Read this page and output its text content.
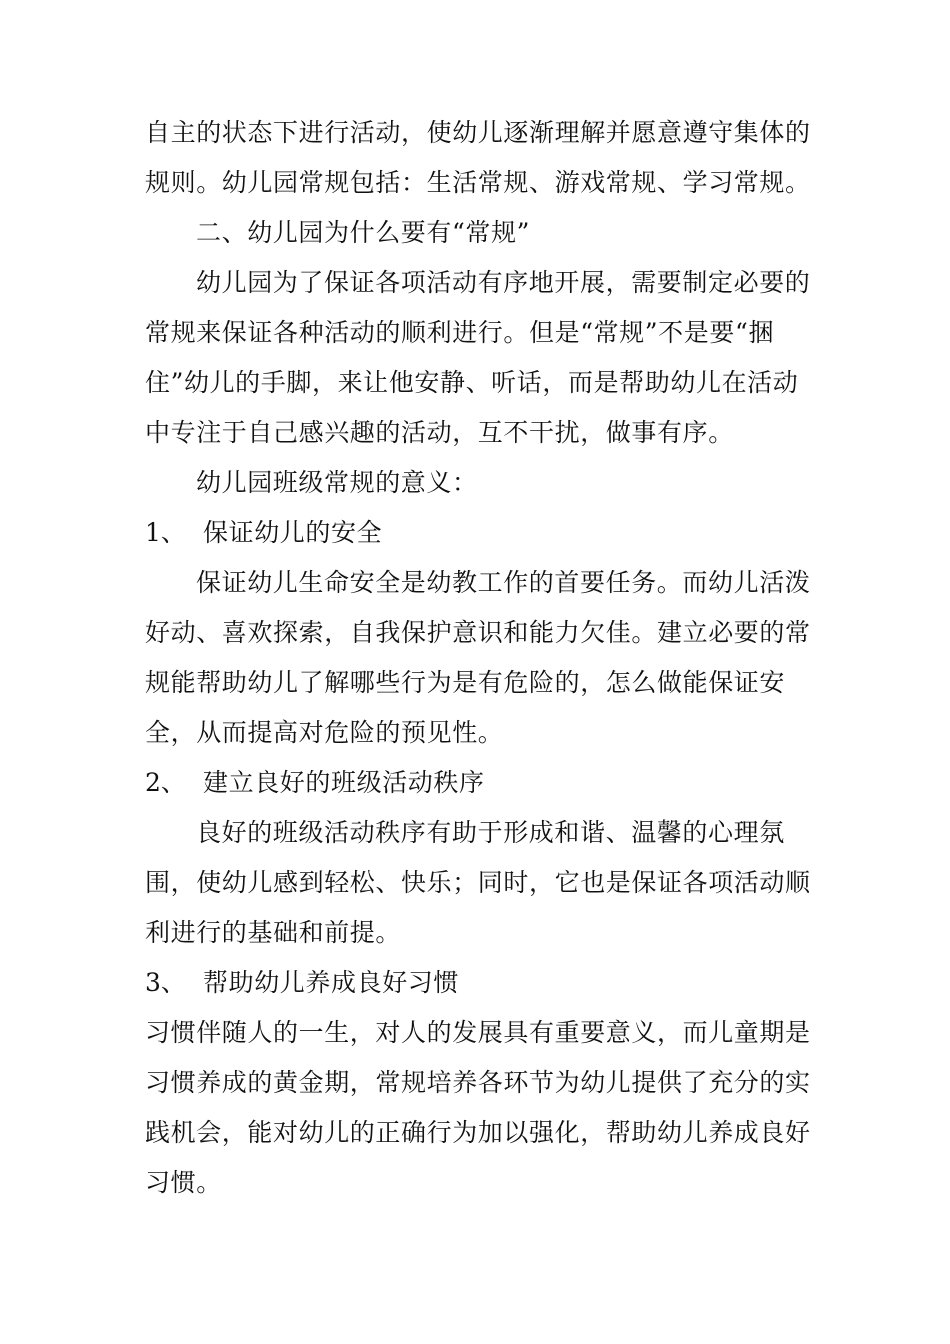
自主的状态下进行活动，使幼儿逐渐理解并愿意遵守集体的
规则。幼儿园常规包括：生活常规、游戏常规、学习常规。
二、幼儿园为什么要有“常规”
幼儿园为了保证各项活动有序地开展，需要制定必要的
常规来保证各种活动的顺利进行。但是“常规”不是要“捆
住”幼儿的手脚，来让他安静、听话，而是帮助幼儿在活动
中专注于自己感兴趣的活动，互不干扰，做事有序。
幼儿园班级常规的意义：
1、 保证幼儿的安全
保证幼儿生命安全是幼教工作的首要任务。而幼儿活泼
好动、喜欢探索，自我保护意识和能力欠佳。建立必要的常
规能帮助幼儿了解哪些行为是有危险的，怎么做能保证安
全，从而提高对危险的预见性。
2、 建立良好的班级活动秩序
良好的班级活动秩序有助于形成和谐、温馨的心理氛
围，使幼儿感到轻松、快乐；同时，它也是保证各项活动顺
利进行的基础和前提。
3、 帮助幼儿养成良好习惯
习惯伴随人的一生，对人的发展具有重要意义，而儿童期是
习惯养成的黄金期，常规培养各环节为幼儿提供了充分的实
践机会，能对幼儿的正确行为加以强化，帮助幼儿养成良好
习惯。
